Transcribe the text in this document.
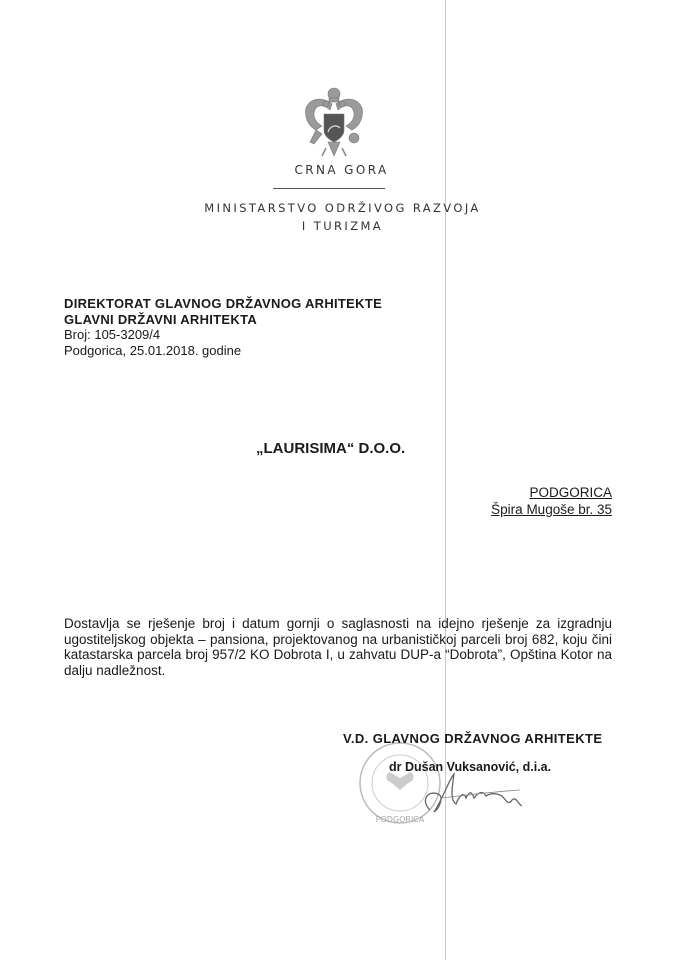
CRNA GORA
MINISTARSTVO ODRŽIVOG RAZVOJA
I TURIZMA
DIREKTORAT GLAVNOG DRŽAVNOG ARHITEKTE
GLAVNI DRŽAVNI ARHITEKTA
Broj: 105-3209/4
Podgorica, 25.01.2018. godine
„LAURISIMA“ D.O.O.
PODGORICA
Špira Mugoše br. 35
Dostavlja se rješenje broj i datum gornji o saglasnosti na idejno rješenje za izgradnju ugostiteljskog objekta – pansiona, projektovanog na urbanističkoj parceli broj 682, koju čini katastarska parcela broj 957/2 KO Dobrota I, u zahvatu DUP-a “Dobrota”, Opština Kotor na dalju nadležnost.
PODGORICA
V.D. GLAVNOG DRŽAVNOG ARHITEKTE
dr Dušan Vuksanović, d.i.a.
